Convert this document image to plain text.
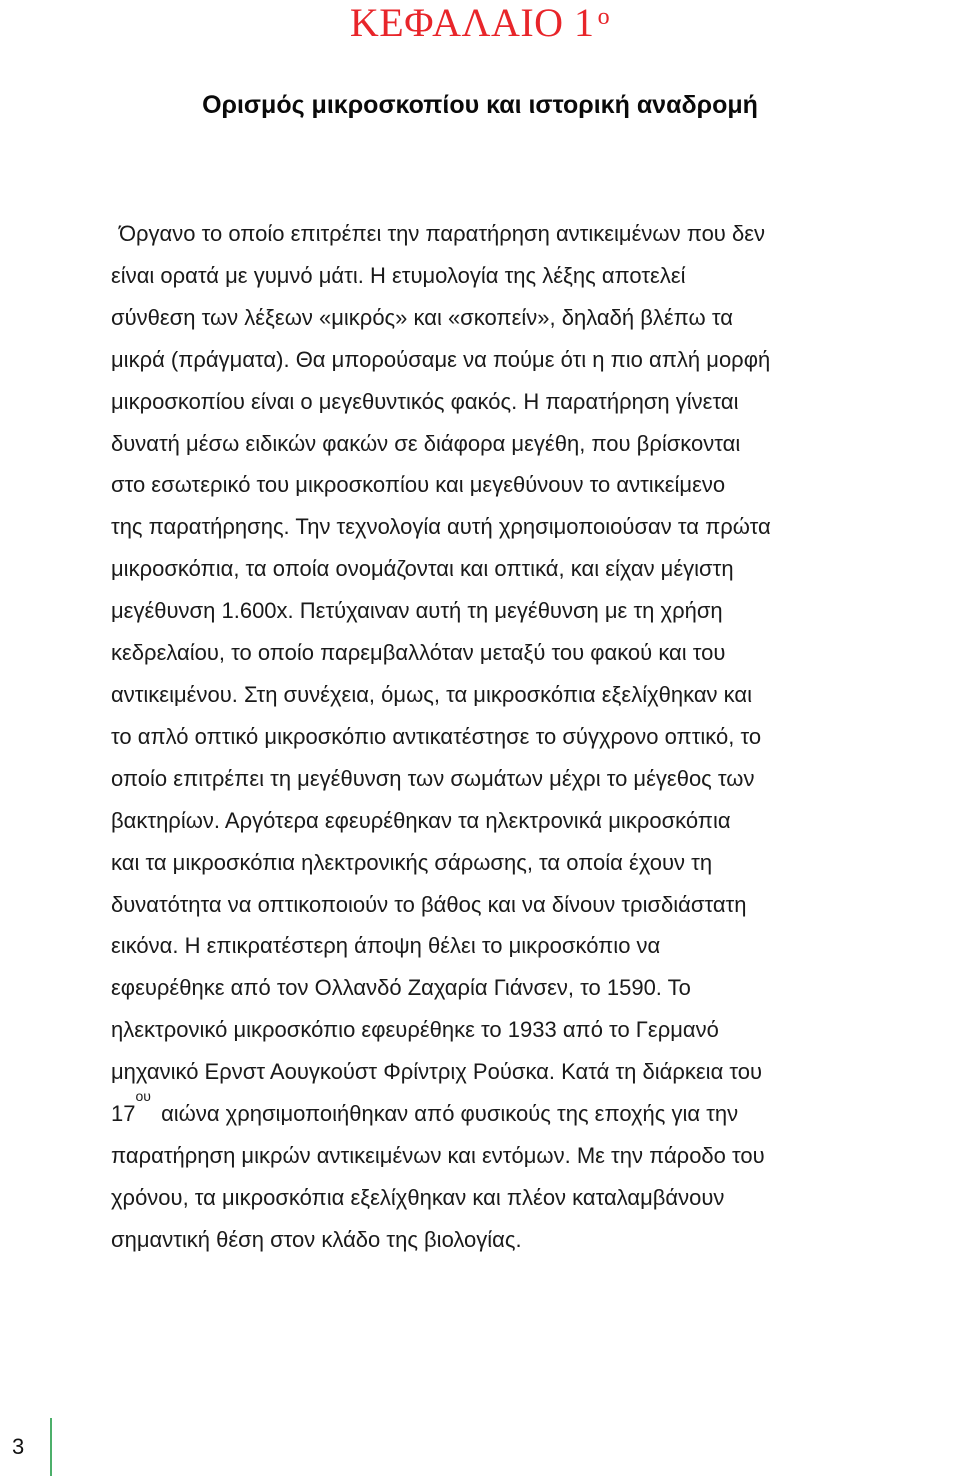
ΚΕΦΑΛΑΙΟ 1 $^o$
Ορισμός μικροσκοπίου και ιστορική αναδρομή
Όργανο το οποίο επιτρέπει την παρατήρηση αντικειμένων που δεν
είναι ορατά με γυμνό μάτι. Η ετυμολογία της λέξης αποτελεί
σύνθεση των λέξεων «μικρός» και «σκοπείν», δηλαδή βλέπω τα
μικρά (πράγματα). Θα μπορούσαμε να πούμε ότι η πιο απλή μορφή
μικροσκοπίου είναι ο μεγεθυντικός φακός. Η παρατήρηση γίνεται
δυνατή μέσω ειδικών φακών σε διάφορα μεγέθη, που βρίσκονται
στο εσωτερικό του μικροσκοπίου και μεγεθύνουν το αντικείμενο
της παρατήρησης. Την τεχνολογία αυτή χρησιμοποιούσαν τα πρώτα
μικροσκόπια, τα οποία ονομάζονται και οπτικά, και είχαν μέγιστη
μεγέθυνση 1.600x. Πετύχαιναν αυτή τη μεγέθυνση με τη χρήση
κεδρελαίου, το οποίο παρεμβαλλόταν μεταξύ του φακού και του
αντικειμένου. Στη συνέχεια, όμως, τα μικροσκόπια εξελίχθηκαν και
το απλό οπτικό μικροσκόπιο αντικατέστησε το σύγχρονο οπτικό, το
οποίο επιτρέπει τη μεγέθυνση των σωμάτων μέχρι το μέγεθος των
βακτηρίων. Αργότερα εφευρέθηκαν τα ηλεκτρονικά μικροσκόπια
και τα μικροσκόπια ηλεκτρονικής σάρωσης, τα οποία έχουν τη
δυνατότητα να οπτικοποιούν το βάθος και να δίνουν τρισδιάστατη
εικόνα. Η επικρατέστερη άποψη θέλει το μικροσκόπιο να
εφευρέθηκε από τον Ολλανδό Ζαχαρία Γιάνσεν, το 1590. Το
ηλεκτρονικό μικροσκόπιο εφευρέθηκε το 1933 από το Γερμανό
μηχανικό Ερνστ Αουγκούστ Φρίντριχ Ρούσκα. Κατά τη διάρκεια του
$17^{o\upsilon}$ αιώνα χρησιμοποιήθηκαν από φυσικούς της εποχής για την
παρατήρηση μικρών αντικειμένων και εντόμων. Με την πάροδο του
χρόνου, τα μικροσκόπια εξελίχθηκαν και πλέον καταλαμβάνουν
σημαντική θέση στον κλάδο της βιολογίας.
3
